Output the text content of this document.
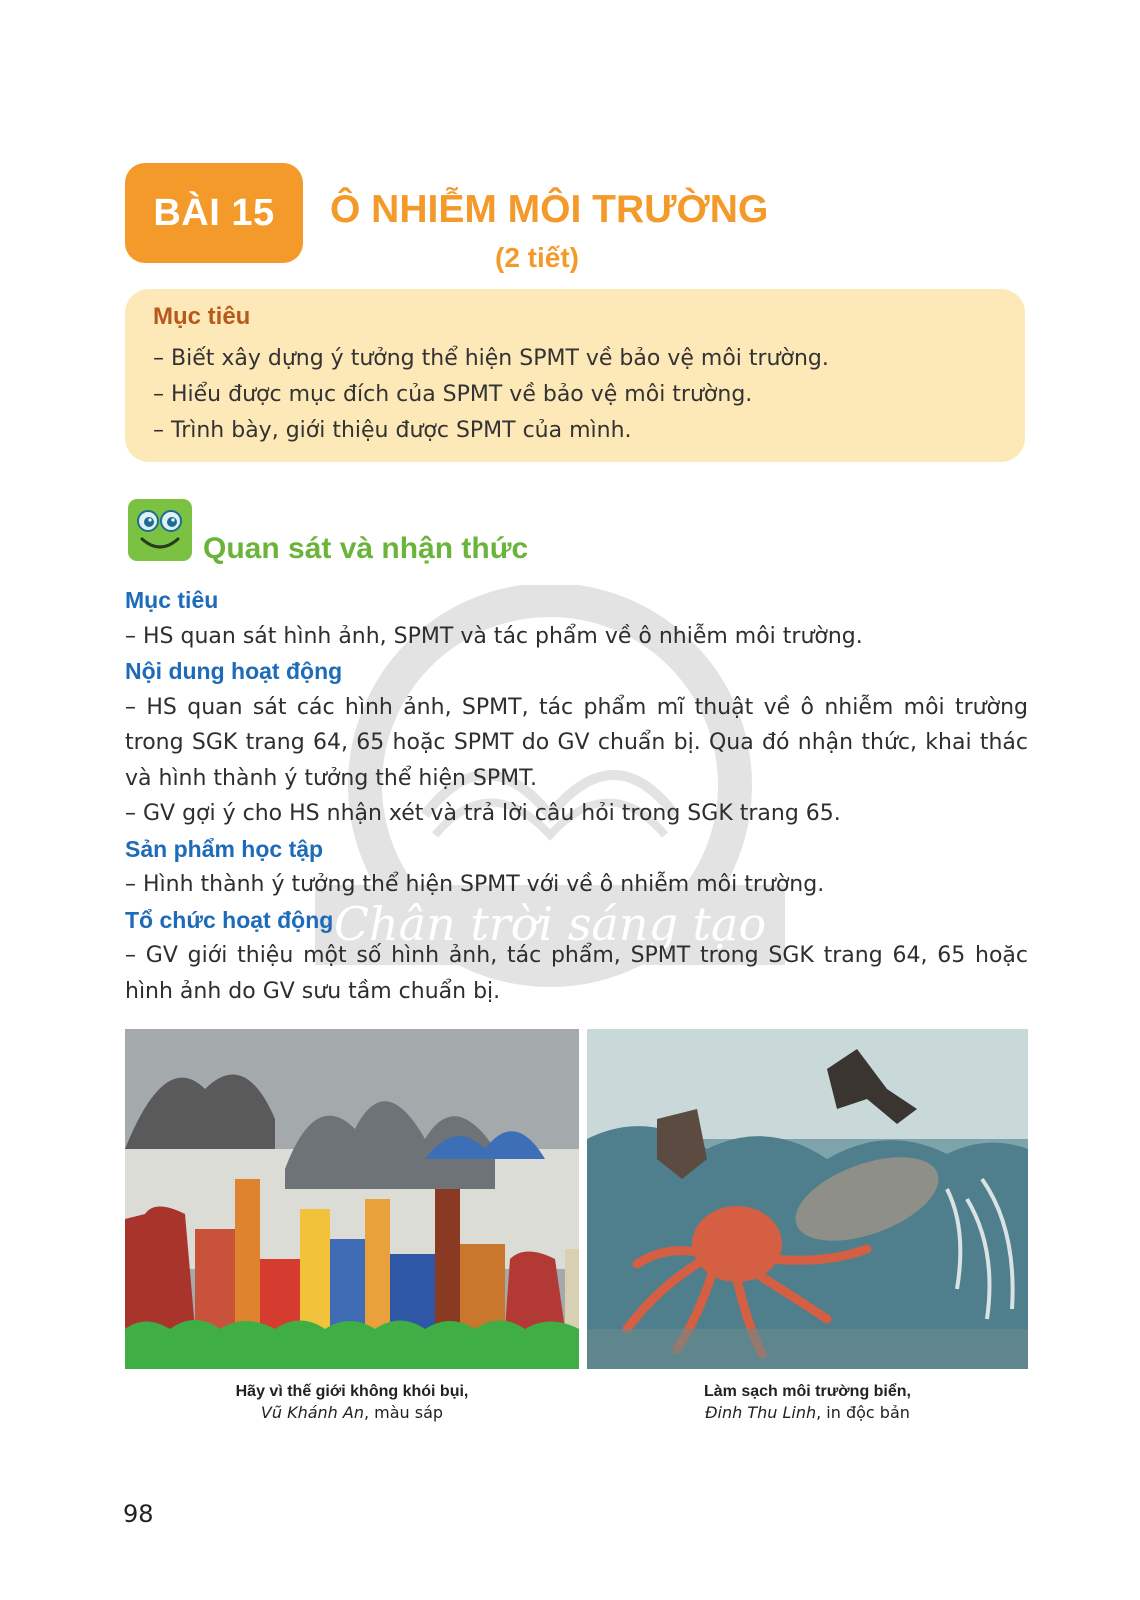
Chân trời sáng tạo
BÀI 15	Ô NHIỄM MÔI TRƯỜNG
(2 tiết)
Mục tiêu
– Biết xây dựng ý tưởng thể hiện SPMT về bảo vệ môi trường.
– Hiểu được mục đích của SPMT về bảo vệ môi trường.
– Trình bày, giới thiệu được SPMT của mình.
Quan sát và nhận thức
Mục tiêu

– HS quan sát hình ảnh, SPMT và tác phẩm về ô nhiễm môi trường.

Nội dung hoạt động

– HS quan sát các hình ảnh, SPMT, tác phẩm mĩ thuật về ô nhiễm môi trường trong SGK trang 64, 65 hoặc SPMT do GV chuẩn bị. Qua đó nhận thức, khai thác và hình thành ý tưởng thể hiện SPMT.

– GV gợi ý cho HS nhận xét và trả lời câu hỏi trong SGK trang 65.

Sản phẩm học tập

– Hình thành ý tưởng thể hiện SPMT với về ô nhiễm môi trường.

Tổ chức hoạt động

– GV giới thiệu một số hình ảnh, tác phẩm, SPMT trong SGK trang 64, 65 hoặc hình ảnh do GV sưu tầm chuẩn bị.

Hãy vì thế giới không khói bụi,
Vũ Khánh An, màu sáp
Làm sạch môi trường biển,
Đinh Thu Linh, in độc bản
98
